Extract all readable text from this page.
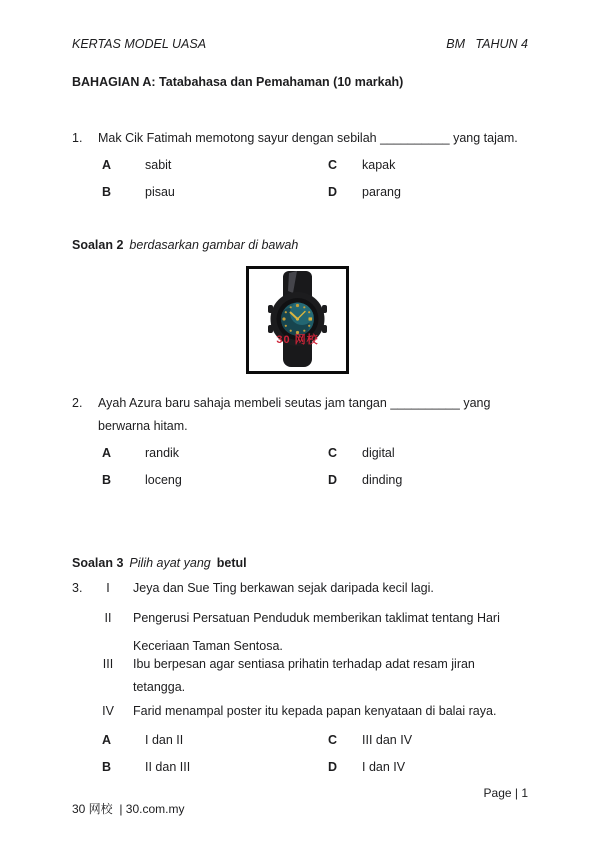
KERTAS MODEL UASA	BM   TAHUN 4
BAHAGIAN A: Tatabahasa dan Pemahaman (10 markah)
1. Mak Cik Fatimah memotong sayur dengan sebilah __________ yang tajam.
A	sabit	C kapak
B	pisau	D parang
Soalan 2 berdasarkan gambar di bawah
30 网校
2. Ayah Azura baru sahaja membeli seutas jam tangan __________ yang
berwarna hitam.
A	randik	C digital
B	loceng	D dinding
Soalan 3 Pilih ayat yang betul
3.	I	Jeya dan Sue Ting berkawan sejak daripada kecil lagi.
II	Pengerusi Persatuan Penduduk memberikan taklimat tentang Hari
Keceriaan Taman Sentosa.
III	Ibu berpesan agar sentiasa prihatin terhadap adat resam jiran
tetangga.
IV	Farid menampal poster itu kepada papan kenyataan di balai raya.
A	I dan II	C III dan IV
B	II dan III	D I dan IV
Page | 1
30 网校  | 30.com.my
